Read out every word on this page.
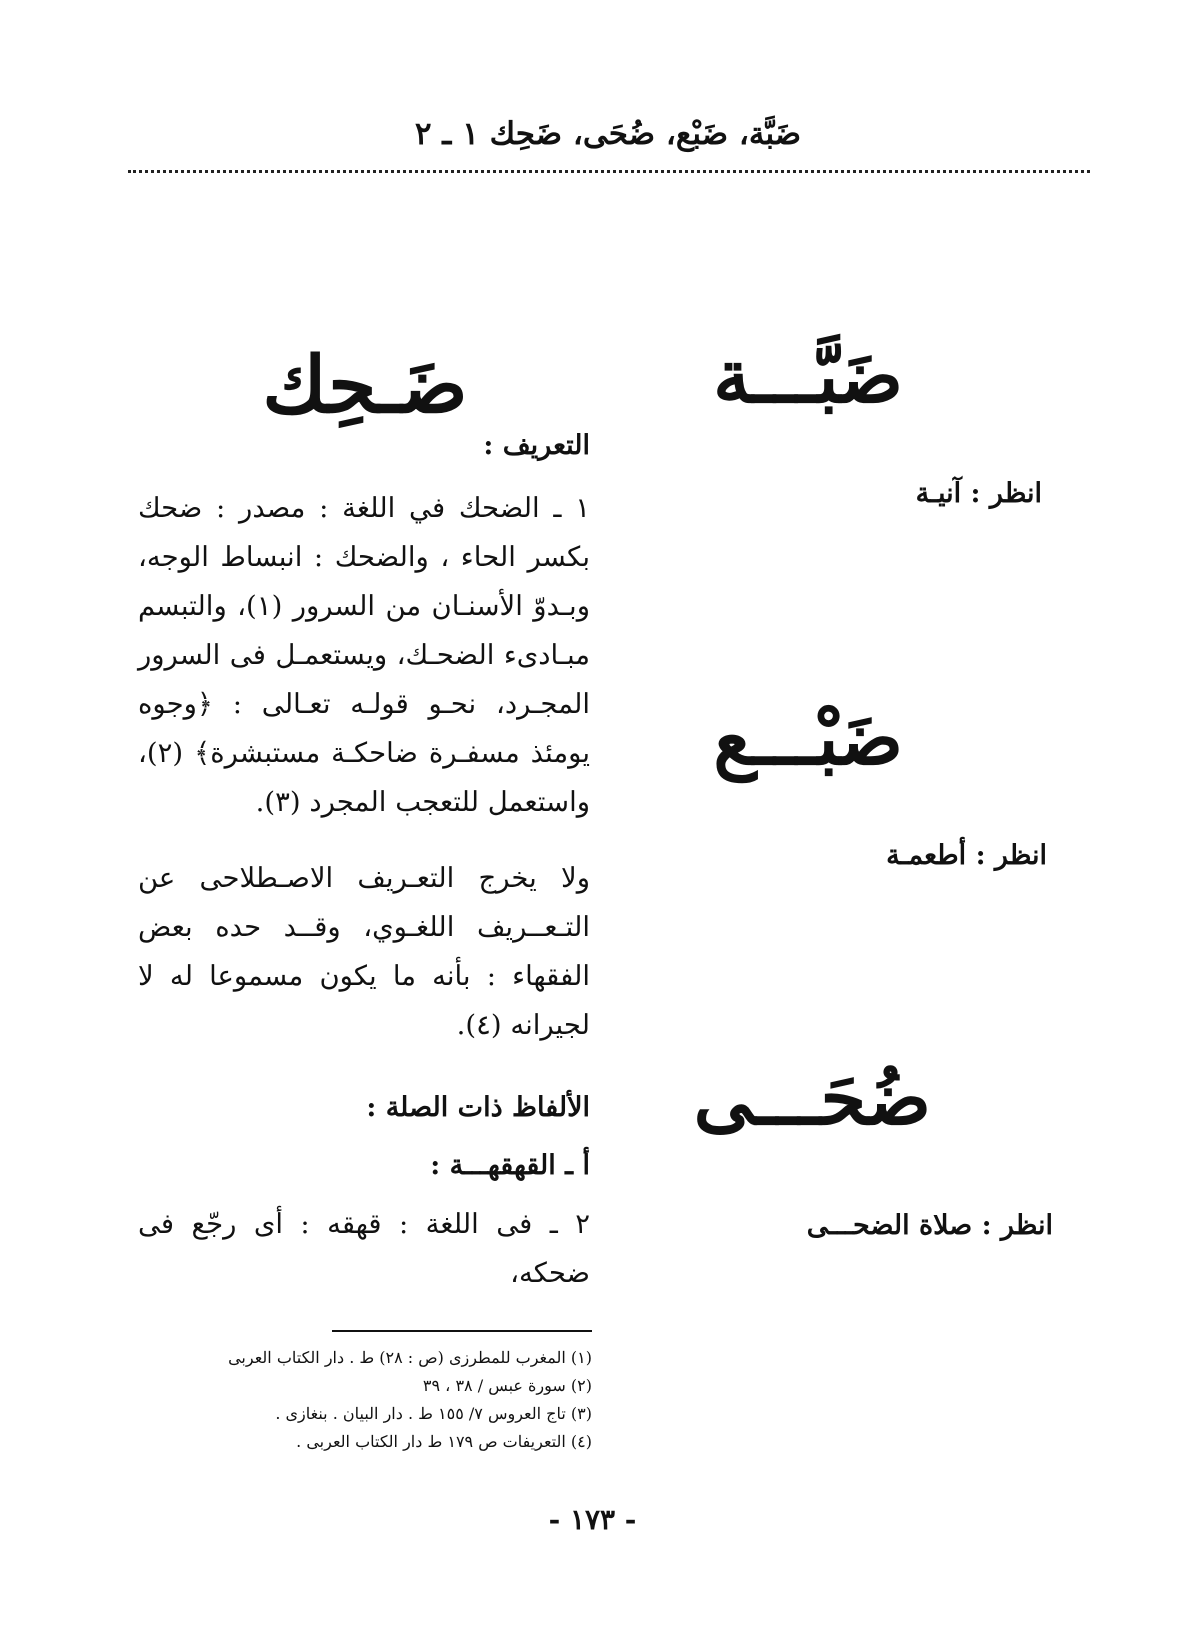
ضَبَّة، ضَبْع، ضُحَى، ضَحِك ١ ـ ٢
ضَبَّـــة
انظر : آنيـة
ضَبْـــع
انظر : أطعمـة
ضُحَـــى
انظر : صلاة الضحـــى
ضَـحِك
التعريف :
١ ـ الضحك في اللغة : مصدر : ضحك بكسر الحاء ، والضحك : انبساط الوجه، وبـدوّ الأسنـان من السرور (١)، والتبسم مبـادىء الضحـك، ويستعمـل فى السرور المجـرد، نحـو قولـه تعـالى : ﴿وجوه يومئذ مسفـرة ضاحكـة مستبشرة﴾ (٢)، واستعمل للتعجب المجرد (٣).
ولا يخرج التعـريف الاصـطلاحى عن التـعــريف اللغـوي، وقــد حده بعض الفقهاء : بأنه ما يكون مسموعا له لا لجيرانه (٤).
الألفاظ ذات الصلة :
أ ـ القهقهـــة :
٢ ـ فى اللغة : قهقه : أى رجّع فى ضحكه،
(١) المغرب للمطرزى (ص : ٢٨) ط . دار الكتاب العربى
(٢) سورة عبس / ٣٨ ، ٣٩
(٣) تاج العروس ٧/ ١٥٥ ط . دار البيان . بنغازى .
(٤) التعريفات ص ١٧٩ ط دار الكتاب العربى .
- ١٧٣ -
